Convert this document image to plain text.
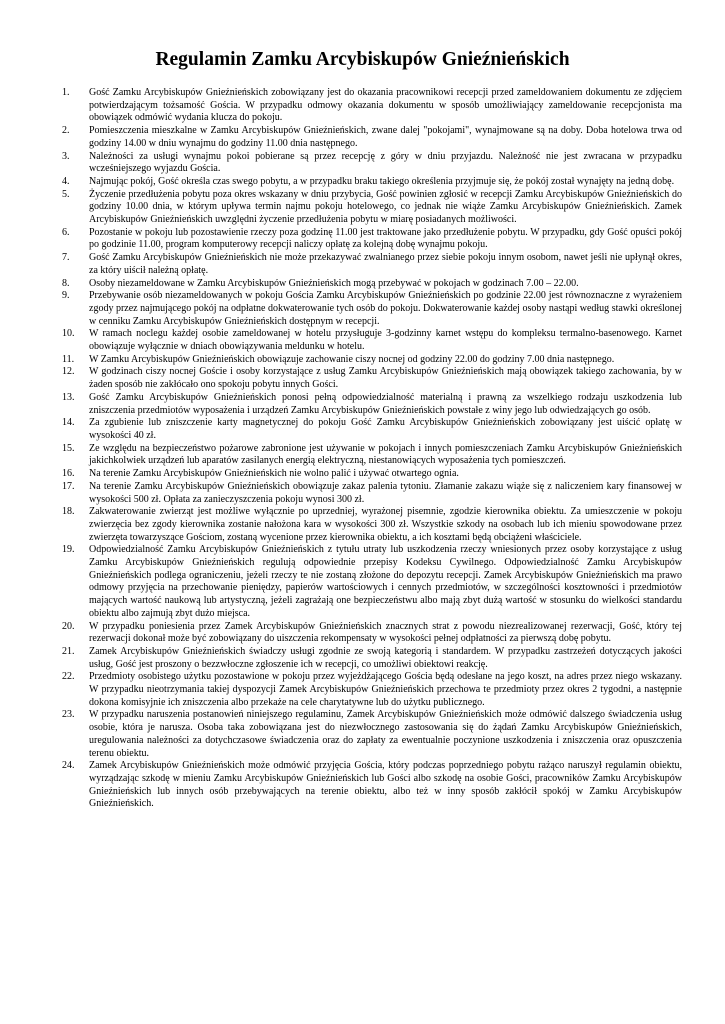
Regulamin Zamku Arcybiskupów Gnieźnieńskich
1. Gość Zamku Arcybiskupów Gnieźnieńskich zobowiązany jest do okazania pracownikowi recepcji przed zameldowaniem dokumentu ze zdjęciem potwierdzającym tożsamość Gościa. W przypadku odmowy okazania dokumentu w sposób umożliwiający zameldowanie recepcjonista ma obowiązek odmówić wydania klucza do pokoju.
2. Pomieszczenia mieszkalne w Zamku Arcybiskupów Gnieźnieńskich, zwane dalej "pokojami", wynajmowane są na doby. Doba hotelowa trwa od godziny 14.00 w dniu wynajmu do godziny 11.00 dnia następnego.
3. Należności za usługi wynajmu pokoi pobierane są przez recepcję z góry w dniu przyjazdu. Należność nie jest zwracana w przypadku wcześniejszego wyjazdu Gościa.
4. Najmując pokój, Gość określa czas swego pobytu, a w przypadku braku takiego określenia przyjmuje się, że pokój został wynajęty na jedną dobę.
5. Życzenie przedłużenia pobytu poza okres wskazany w dniu przybycia, Gość powinien zgłosić w recepcji Zamku Arcybiskupów Gnieźnieńskich do godziny 10.00 dnia, w którym upływa termin najmu pokoju hotelowego, co jednak nie wiąże Zamku Arcybiskupów Gnieźnieńskich. Zamek Arcybiskupów Gnieźnieńskich uwzględni życzenie przedłużenia pobytu w miarę posiadanych możliwości.
6. Pozostanie w pokoju lub pozostawienie rzeczy poza godzinę 11.00 jest traktowane jako przedłużenie pobytu. W przypadku, gdy Gość opuści pokój po godzinie 11.00, program komputerowy recepcji naliczy opłatę za kolejną dobę wynajmu pokoju.
7. Gość Zamku Arcybiskupów Gnieźnieńskich nie może przekazywać zwalnianego przez siebie pokoju innym osobom, nawet jeśli nie upłynął okres, za który uiścił należną opłatę.
8. Osoby niezameldowane w Zamku Arcybiskupów Gnieźnieńskich mogą przebywać w pokojach w godzinach 7.00 – 22.00.
9. Przebywanie osób niezameldowanych w pokoju Gościa Zamku Arcybiskupów Gnieźnieńskich po godzinie 22.00 jest równoznaczne z wyrażeniem zgody przez najmującego pokój na odpłatne dokwaterowanie tych osób do pokoju. Dokwaterowanie każdej osoby nastąpi według stawki określonej w cenniku Zamku Arcybiskupów Gnieźnieńskich dostępnym w recepcji.
10. W ramach noclegu każdej osobie zameldowanej w hotelu przysługuje 3-godzinny karnet wstępu do kompleksu termalno-basenowego. Karnet obowiązuje wyłącznie w dniach obowiązywania meldunku w hotelu.
11. W Zamku Arcybiskupów Gnieźnieńskich obowiązuje zachowanie ciszy nocnej od godziny 22.00 do godziny 7.00 dnia następnego.
12. W godzinach ciszy nocnej Goście i osoby korzystające z usług Zamku Arcybiskupów Gnieźnieńskich mają obowiązek takiego zachowania, by w żaden sposób nie zakłócało ono spokoju pobytu innych Gości.
13. Gość Zamku Arcybiskupów Gnieźnieńskich ponosi pełną odpowiedzialność materialną i prawną za wszelkiego rodzaju uszkodzenia lub zniszczenia przedmiotów wyposażenia i urządzeń Zamku Arcybiskupów Gnieźnieńskich powstałe z winy jego lub odwiedzających go osób.
14. Za zgubienie lub zniszczenie karty magnetycznej do pokoju Gość Zamku Arcybiskupów Gnieźnieńskich zobowiązany jest uiścić opłatę w wysokości 40 zł.
15. Ze względu na bezpieczeństwo pożarowe zabronione jest używanie w pokojach i innych pomieszczeniach Zamku Arcybiskupów Gnieźnieńskich jakichkolwiek urządzeń lub aparatów zasilanych energią elektryczną, niestanowiących wyposażenia tych pomieszczeń.
16. Na terenie Zamku Arcybiskupów Gnieźnieńskich nie wolno palić i używać otwartego ognia.
17. Na terenie Zamku Arcybiskupów Gnieźnieńskich obowiązuje zakaz palenia tytoniu. Złamanie zakazu wiąże się z naliczeniem kary finansowej w wysokości 500 zł. Opłata za zanieczyszczenia pokoju wynosi 300 zł.
18. Zakwaterowanie zwierząt jest możliwe wyłącznie po uprzedniej, wyrażonej pisemnie, zgodzie kierownika obiektu. Za umieszczenie w pokoju zwierzęcia bez zgody kierownika zostanie nałożona kara w wysokości 300 zł. Wszystkie szkody na osobach lub ich mieniu spowodowane przez zwierzęta towarzyszące Gościom, zostaną wycenione przez kierownika obiektu, a ich kosztami będą obciążeni właściciele.
19. Odpowiedzialność Zamku Arcybiskupów Gnieźnieńskich z tytułu utraty lub uszkodzenia rzeczy wniesionych przez osoby korzystające z usług Zamku Arcybiskupów Gnieźnieńskich regulują odpowiednie przepisy Kodeksu Cywilnego. Odpowiedzialność Zamku Arcybiskupów Gnieźnieńskich podlega ograniczeniu, jeżeli rzeczy te nie zostaną złożone do depozytu recepcji. Zamek Arcybiskupów Gnieźnieńskich ma prawo odmowy przyjęcia na przechowanie pieniędzy, papierów wartościowych i cennych przedmiotów, w szczególności kosztowności i przedmiotów mających wartość naukową lub artystyczną, jeżeli zagrażają one bezpieczeństwu albo mają zbyt dużą wartość w stosunku do wielkości standardu obiektu albo zajmują zbyt dużo miejsca.
20. W przypadku poniesienia przez Zamek Arcybiskupów Gnieźnieńskich znacznych strat z powodu niezrealizowanej rezerwacji, Gość, który tej rezerwacji dokonał może być zobowiązany do uiszczenia rekompensaty w wysokości pełnej odpłatności za pierwszą dobę pobytu.
21. Zamek Arcybiskupów Gnieźnieńskich świadczy usługi zgodnie ze swoją kategorią i standardem. W przypadku zastrzeżeń dotyczących jakości usług, Gość jest proszony o bezzwłoczne zgłoszenie ich w recepcji, co umożliwi obiektowi reakcję.
22. Przedmioty osobistego użytku pozostawione w pokoju przez wyjeżdżającego Gościa będą odesłane na jego koszt, na adres przez niego wskazany. W przypadku nieotrzymania takiej dyspozycji Zamek Arcybiskupów Gnieźnieńskich przechowa te przedmioty przez okres 2 tygodni, a następnie dokona komisyjnie ich zniszczenia albo przekaże na cele charytatywne lub do użytku publicznego.
23. W przypadku naruszenia postanowień niniejszego regulaminu, Zamek Arcybiskupów Gnieźnieńskich może odmówić dalszego świadczenia usług osobie, która je narusza. Osoba taka zobowiązana jest do niezwłocznego zastosowania się do żądań Zamku Arcybiskupów Gnieźnieńskich, uregulowania należności za dotychczasowe świadczenia oraz do zapłaty za ewentualnie poczynione uszkodzenia i zniszczenia oraz opuszczenia terenu obiektu.
24. Zamek Arcybiskupów Gnieźnieńskich może odmówić przyjęcia Gościa, który podczas poprzedniego pobytu rażąco naruszył regulamin obiektu, wyrządzając szkodę w mieniu Zamku Arcybiskupów Gnieźnieńskich lub Gości albo szkodę na osobie Gości, pracowników Zamku Arcybiskupów Gnieźnieńskich lub innych osób przebywających na terenie obiektu, albo też w inny sposób zakłócił spokój w Zamku Arcybiskupów Gnieźnieńskich.
